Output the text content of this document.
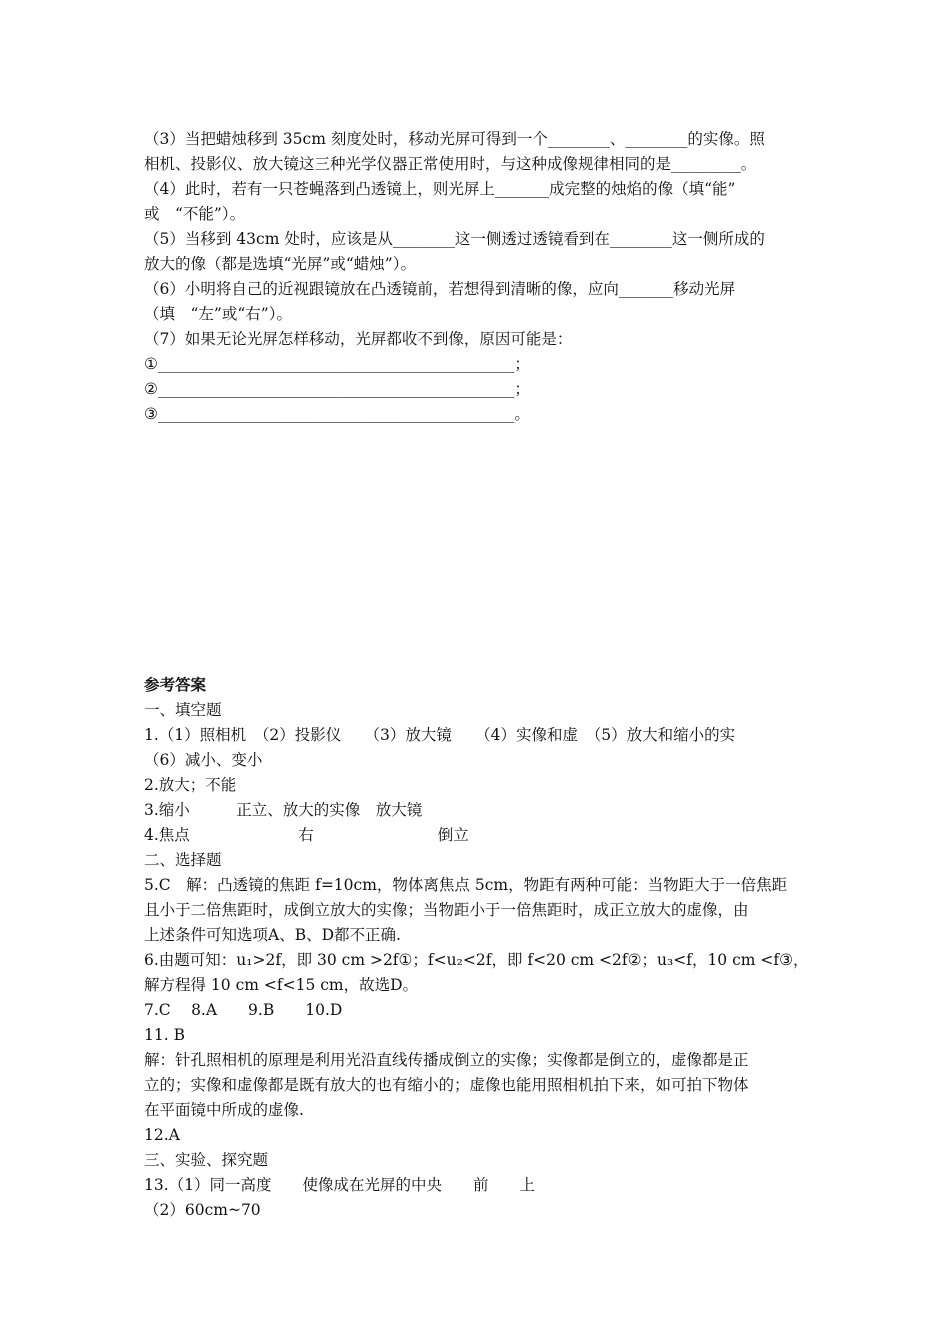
（3）当把蜡烛移到 35cm 刻度处时，移动光屏可得到一个________、________的实像。照
相机、投影仪、放大镜这三种光学仪器正常使用时，与这种成像规律相同的是_________。
（4）此时，若有一只苍蝇落到凸透镜上，则光屏上_______成完整的烛焰的像（填“能”
或　“不能”）。
（5）当移到 43cm 处时，应该是从________这一侧透过透镜看到在________这一侧所成的
放大的像（都是选填“光屏”或“蜡烛”）。
（6）小明将自己的近视跟镜放在凸透镜前，若想得到清晰的像，应向_______移动光屏
（填　“左”或“右”）。
（7）如果无论光屏怎样移动，光屏都收不到像，原因可能是：
①______________________________________________；
②______________________________________________；
③______________________________________________。
参考答案
一、填空题
1.（1）照相机　（2）投影仪　　（3）放大镜　　（4）实像和虚　（5）放大和缩小的实
（6）减小、变小
2.放大；不能
3.缩小　　　正立、放大的实像　放大镜
4.焦点　　　　　　　右　　　　　　　　倒立
二、选择题
5.C　解：凸透镜的焦距 f=10cm，物体离焦点 5cm，物距有两种可能：当物距大于一倍焦距
且小于二倍焦距时，成倒立放大的实像；当物距小于一倍焦距时，成正立放大的虚像，由
上述条件可知选项A、B、D都不正确.
6.由题可知：u₁>2f，即 30 cm >2f①；f<u₂<2f，即 f<20 cm <2f②；u₃<f，10 cm <f③，
解方程得 10 cm <f<15 cm，故选D。
7.C　 8.A　　9.B　　10.D
11. B
解：针孔照相机的原理是利用光沿直线传播成倒立的实像；实像都是倒立的，虚像都是正
立的；实像和虚像都是既有放大的也有缩小的；虚像也能用照相机拍下来，如可拍下物体
在平面镜中所成的虚像.
12.A
三、实验、探究题
13.（1）同一高度　　使像成在光屏的中央　　前　　上
（2）60cm~70
